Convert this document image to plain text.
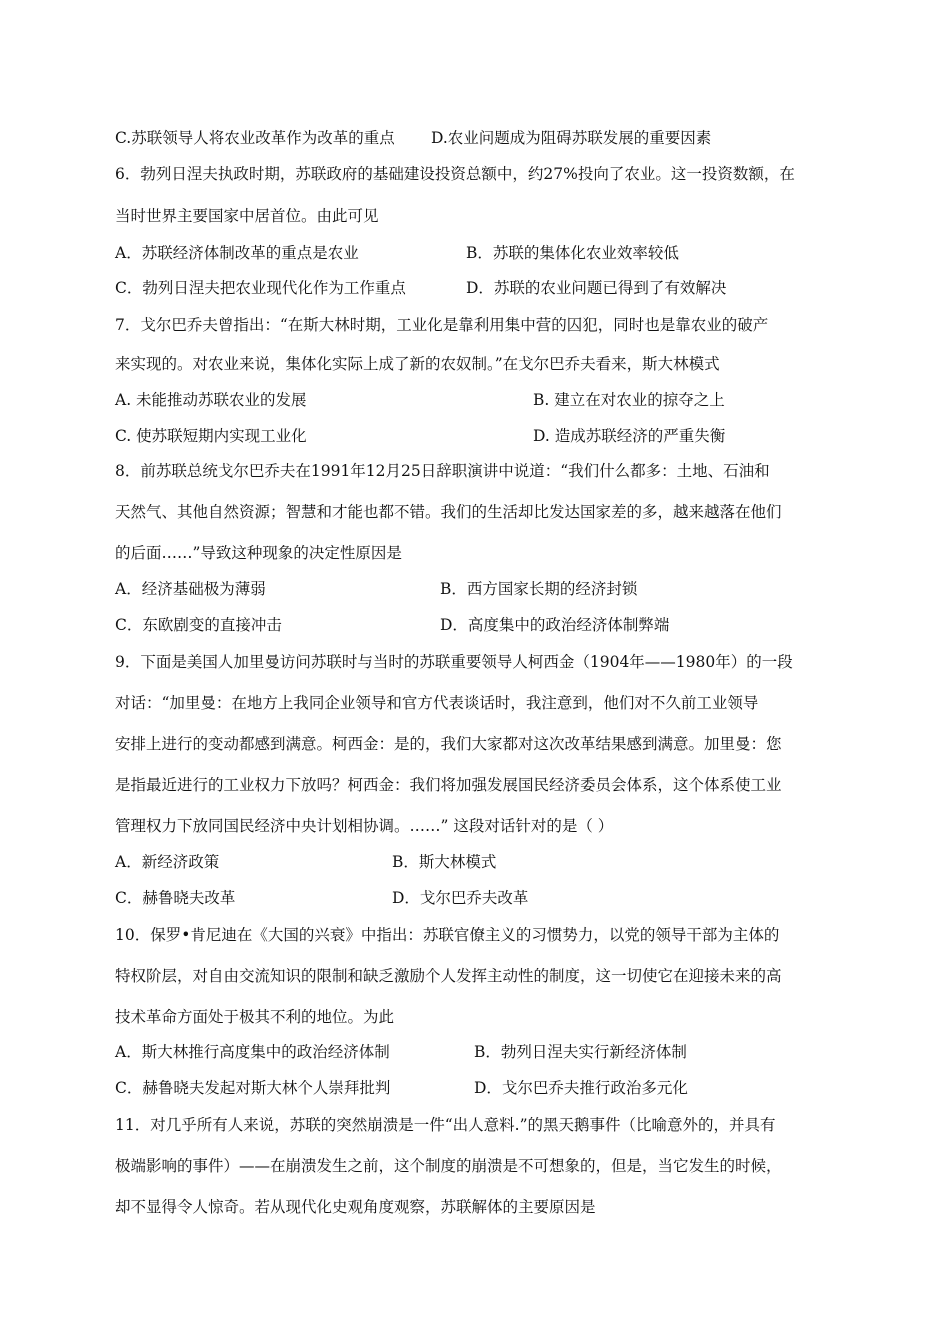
C.苏联领导人将农业改革作为改革的重点 D.农业问题成为阻碍苏联发展的重要因素
6．勃列日涅夫执政时期，苏联政府的基础建设投资总额中，约27%投向了农业。这一投资数额，在
当时世界主要国家中居首位。由此可见
A．苏联经济体制改革的重点是农业	B．苏联的集体化农业效率较低
C．勃列日涅夫把农业现代化作为工作重点	D．苏联的农业问题已得到了有效解决
7．戈尔巴乔夫曾指出：“在斯大林时期，工业化是靠利用集中营的囚犯，同时也是靠农业的破产
来实现的。对农业来说，集体化实际上成了新的农奴制。”在戈尔巴乔夫看来，斯大林模式
A. 未能推动苏联农业的发展	B. 建立在对农业的掠夺之上
C. 使苏联短期内实现工业化	D. 造成苏联经济的严重失衡
8．前苏联总统戈尔巴乔夫在1991年12月25日辞职演讲中说道：“我们什么都多：土地、石油和
天然气、其他自然资源；智慧和才能也都不错。我们的生活却比发达国家差的多，越来越落在他们
的后面……”导致这种现象的决定性原因是
A．经济基础极为薄弱	B．西方国家长期的经济封锁
C．东欧剧变的直接冲击	D．高度集中的政治经济体制弊端
9．下面是美国人加里曼访问苏联时与当时的苏联重要领导人柯西金（1904年——1980年）的一段
对话：“加里曼：在地方上我同企业领导和官方代表谈话时，我注意到，他们对不久前工业领导
安排上进行的变动都感到满意。柯西金：是的，我们大家都对这次改革结果感到满意。加里曼：您
是指最近进行的工业权力下放吗？柯西金：我们将加强发展国民经济委员会体系，这个体系使工业
管理权力下放同国民经济中央计划相协调。……” 这段对话针对的是（ ）
A．新经济政策	B．斯大林模式
C．赫鲁晓夫改革	D．戈尔巴乔夫改革
10．保罗•肯尼迪在《大国的兴衰》中指出：苏联官僚主义的习惯势力，以党的领导干部为主体的
特权阶层，对自由交流知识的限制和缺乏激励个人发挥主动性的制度，这一切使它在迎接未来的高
技术革命方面处于极其不利的地位。为此
A．斯大林推行高度集中的政治经济体制	B．勃列日涅夫实行新经济体制
C．赫鲁晓夫发起对斯大林个人崇拜批判	D．戈尔巴乔夫推行政治多元化
11．对几乎所有人来说，苏联的突然崩溃是一件“出人意料.”的黑天鹅事件（比喻意外的，并具有
极端影响的事件）——在崩溃发生之前，这个制度的崩溃是不可想象的，但是，当它发生的时候，
却不显得令人惊奇。若从现代化史观角度观察，苏联解体的主要原因是
